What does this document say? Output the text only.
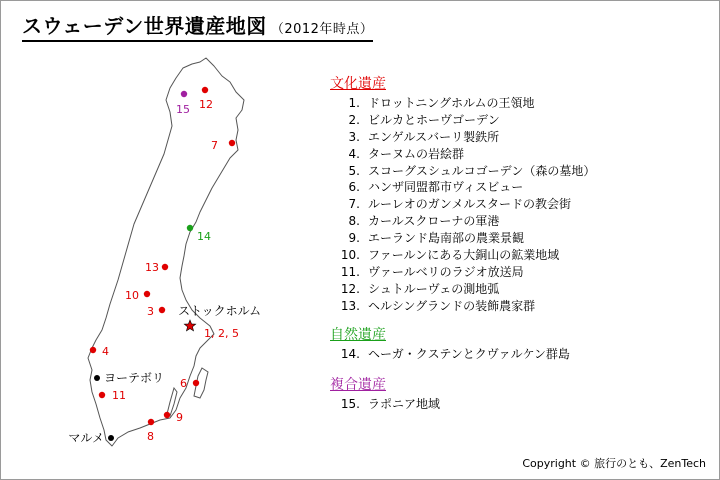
スウェーデン世界遺産地図 （2012年時点）
15 12
7
14
13
10
3
1, 2, 5
4
6
11
9
8
ストックホルム
ヨーテボリ
マルメ
文化遺産
1. ドロットニングホルムの王領地
2. ビルカとホーヴゴーデン
3. エンゲルスバーリ製鉄所
4. ターヌムの岩絵群
5. スコーグスシュルコゴーデン（森の墓地）
6. ハンザ同盟都市ヴィスビュー
7. ルーレオのガンメルスタードの教会街
8. カールスクローナの軍港
9. エーランド島南部の農業景観
10. ファールンにある大銅山の鉱業地域
11. ヴァールベリのラジオ放送局
12. シュトルーヴェの測地弧
13. ヘルシングランドの装飾農家群
自然遺産
14. ヘーガ・クステンとクヴァルケン群島
複合遺産
15. ラポニア地域
Copyright © 旅行のとも、ZenTech
